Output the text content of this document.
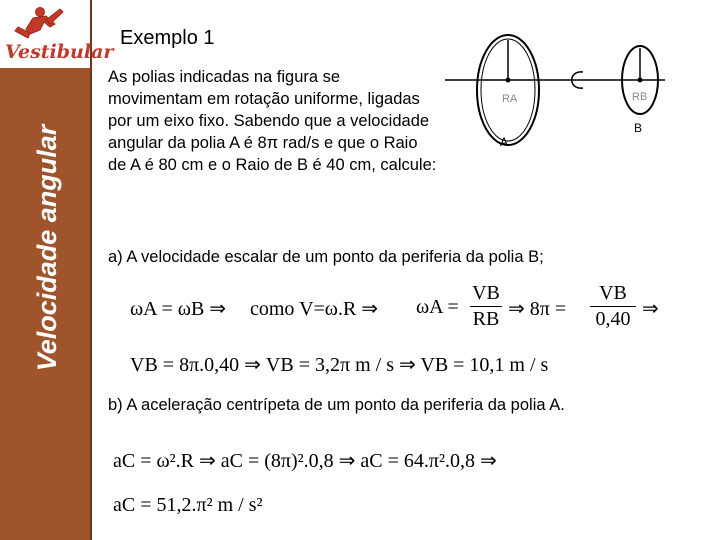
Vestibular
Velocidade angular
Exemplo 1

As polias indicadas na figura se movimentam em rotação uniforme, ligadas por um eixo fixo. Sabendo que a velocidade angular da polia A é 8π rad/s e que o Raio de A é 80 cm e o Raio de B é 40 cm, calcule:

RA	RB
A
B
a) A velocidade escalar de um ponto da periferia da polia B;
ωA = ωB ⇒ como V=ω.R ⇒ ωA =
VB
RB ⇒ 8π =
VB
0,40 ⇒
VB = 8π.0,40 ⇒ VB = 3,2π m / s ⇒ VB = 10,1 m / s
b) A aceleração centrípeta de um ponto da periferia da polia A.
aC = ω².R ⇒ aC = (8π)².0,8 ⇒ aC = 64.π².0,8 ⇒
aC = 51,2.π² m / s²
